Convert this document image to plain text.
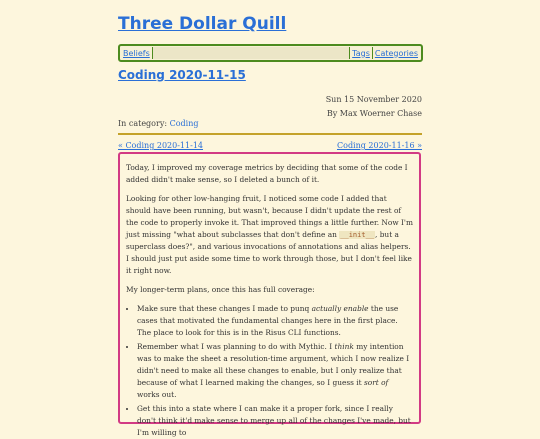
Three Dollar Quill
Beliefs	Tags Categories
Coding 2020-11-15
Sun 15 November 2020
By Max Woerner Chase
In category: Coding
« Coding 2020-11-14	Coding 2020-11-16 »

Today, I improved my coverage metrics by deciding that some of the code I added didn't make sense, so I deleted a bunch of it.

Looking for other low-hanging fruit, I noticed some code I added that should have been running, but wasn't, because I didn't update the rest of the code to properly invoke it. That improved things a little further. Now I'm just missing "what about subclasses that don't define an __init__, but a superclass does?", and various invocations of annotations and alias helpers. I should just put aside some time to work through those, but I don't feel like it right now.

My longer-term plans, once this has full coverage:

• Make sure that these changes I made to punq actually enable the use cases that motivated the fundamental changes here in the first place. The place to look for this is in the Risus CLI functions.
• Remember what I was planning to do with Mythic. I think my intention was to make the sheet a resolution-time argument, which I now realize I didn't need to make all these changes to enable, but I only realize that because of what I learned making the changes, so I guess it sort of works out.
• Get this into a state where I can make it a proper fork, since I really don't think it'd make sense to merge up all of the changes I've made, but I'm willing to
